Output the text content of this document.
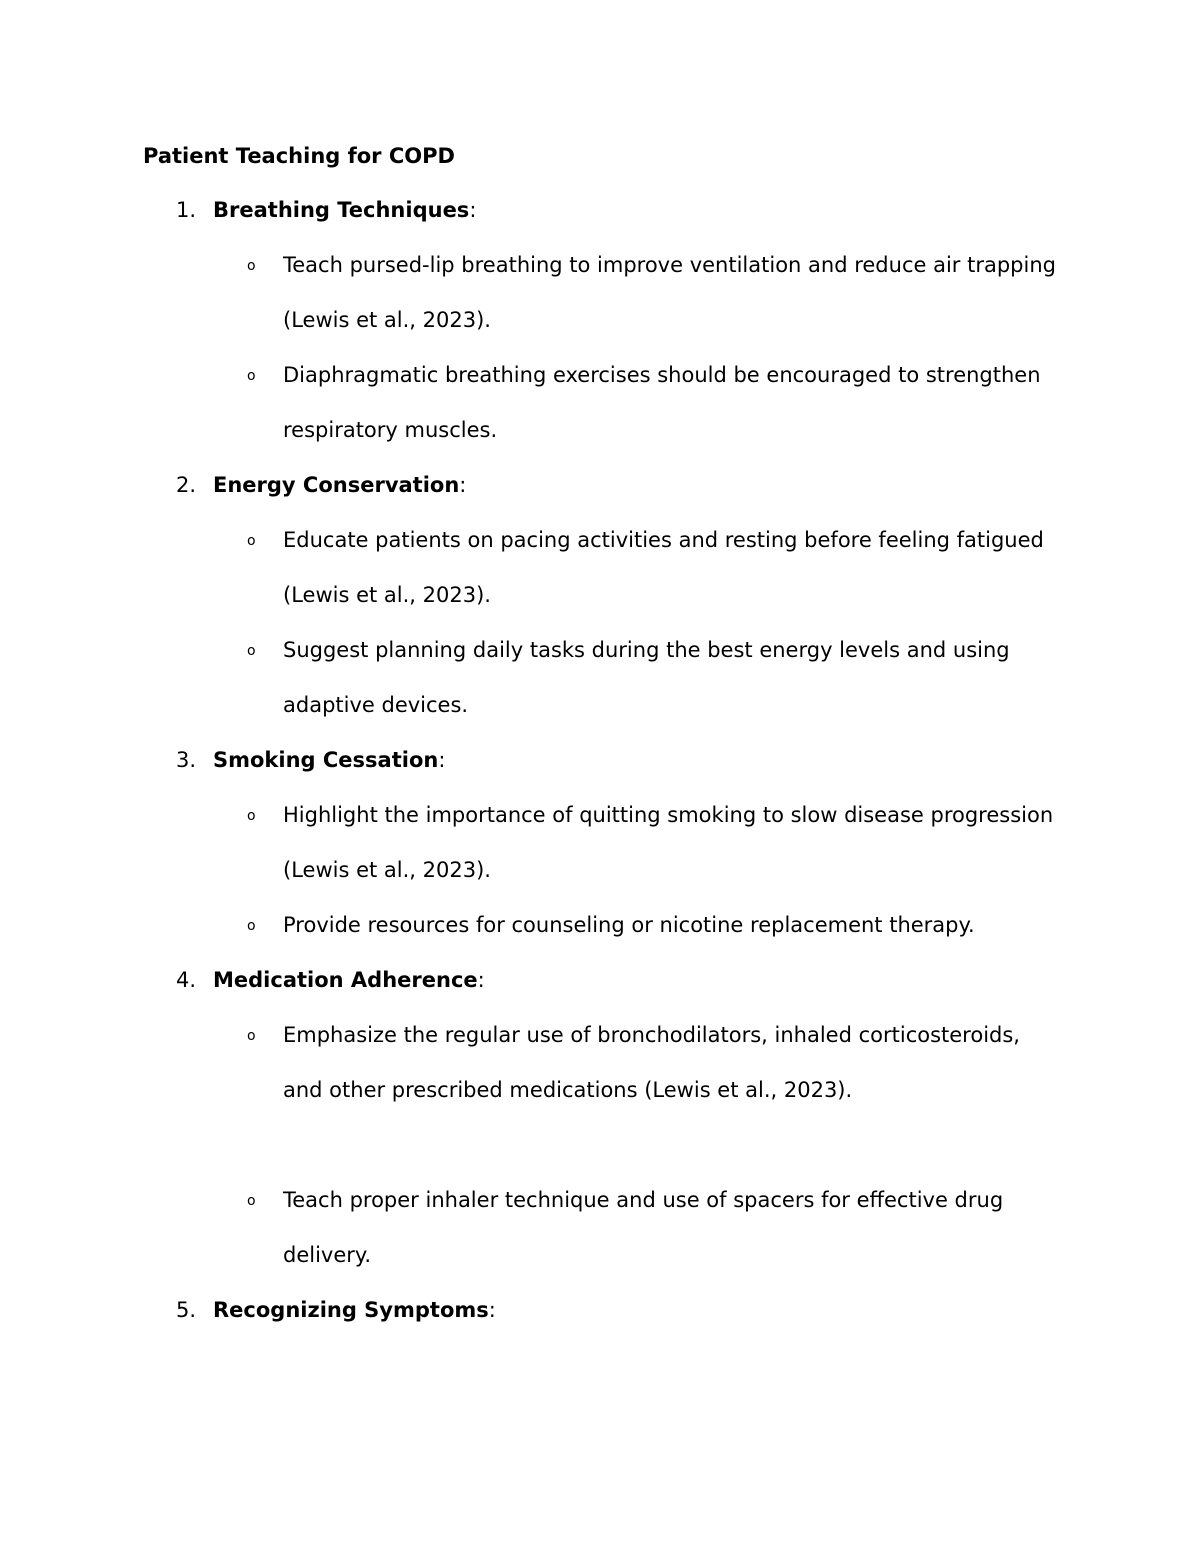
Patient Teaching for COPD
1. Breathing Techniques:
o Teach pursed-lip breathing to improve ventilation and reduce air trapping (Lewis et al., 2023).
o Diaphragmatic breathing exercises should be encouraged to strengthen respiratory muscles.
2. Energy Conservation:
o Educate patients on pacing activities and resting before feeling fatigued (Lewis et al., 2023).
o Suggest planning daily tasks during the best energy levels and using adaptive devices.
3. Smoking Cessation:
o Highlight the importance of quitting smoking to slow disease progression (Lewis et al., 2023).
o Provide resources for counseling or nicotine replacement therapy.
4. Medication Adherence:
o Emphasize the regular use of bronchodilators, inhaled corticosteroids, and other prescribed medications (Lewis et al., 2023).
o Teach proper inhaler technique and use of spacers for effective drug delivery.
5. Recognizing Symptoms:
